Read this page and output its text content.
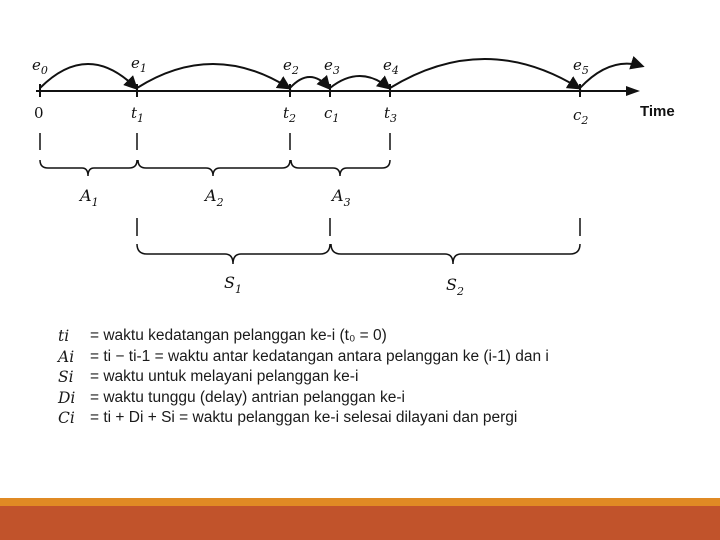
$e_0$	$e_1$	$e_2$ $e_3$	$e_4$	$e_5$
0	$t_1$	$t_2$ $c_1$	$t_3$	$c_2$
Time
$A_1$	$A_2$	$A_3$
$S_1$	$S_2$
ti	= waktu kedatangan pelanggan ke-i (t₀ = 0)
Ai	= ti − ti-1 = waktu antar kedatangan antara pelanggan ke (i-1) dan i
Si	= waktu untuk melayani pelanggan ke-i
Di = waktu tunggu (delay) antrian pelanggan ke-i
Ci = ti + Di + Si = waktu pelanggan ke-i selesai dilayani dan pergi
